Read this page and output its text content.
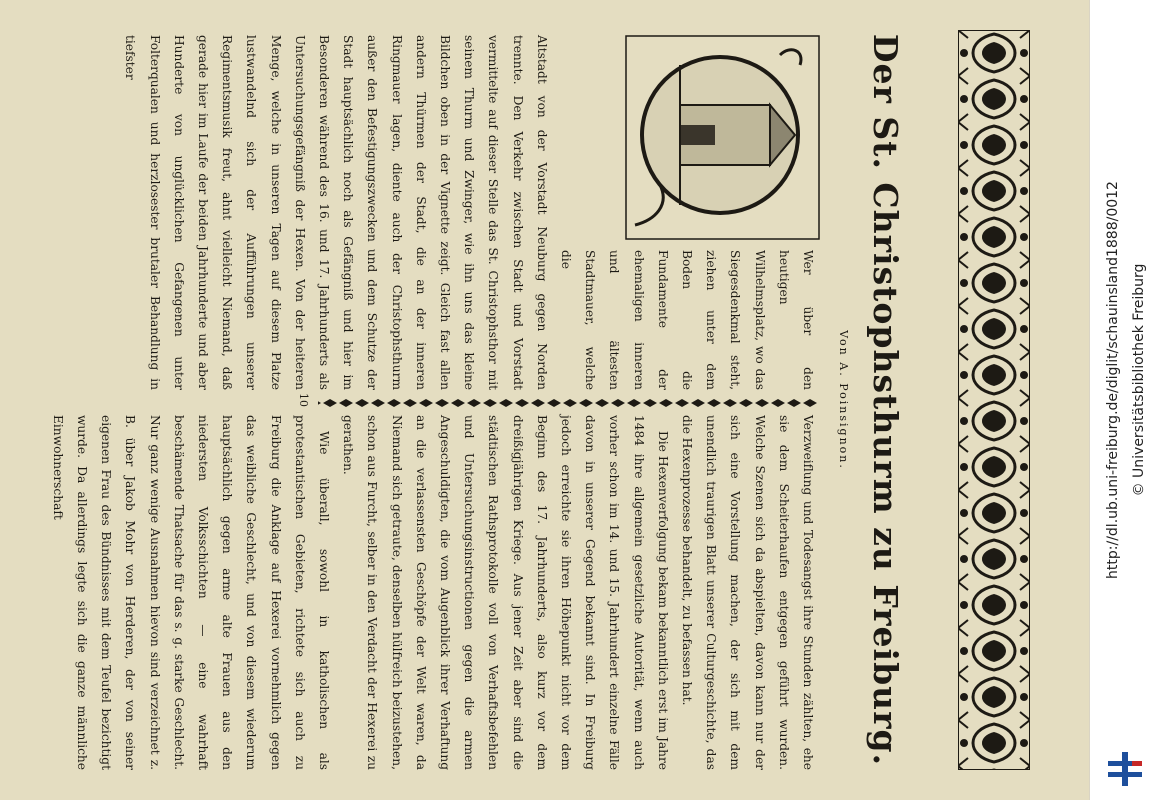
Der St. Christophsthurm zu Freiburg.
Von A. Poinsignon.

Wer über den heutigen Wilhelmsplatz, wo das Siegesdenkmal steht, ziehen unter dem Boden die Fundamente der ehemaligen inneren und ältesten Stadtmauer, welche die

Altstadt von der Vorstadt Neuburg gegen Norden trennte. Den Verkehr zwischen Stadt und Vorstadt vermittelte auf dieser Stelle das St. Christophsthor mit seinem Thurm und Zwinger, wie ihn uns das kleine Bildchen oben in der Vignette zeigt. Gleich fast allen andern Thürmen der Stadt, die an der inneren Ringmauer lagen, diente auch der Christophsthurm außer den Befestigungszwecken und dem Schutze der Stadt hauptsächlich noch als Gefängniß und hier im Besonderen während des 16. und 17. Jahrhunderts als Untersuchungsgefängniß der Hexen. Von der heiteren Menge, welche in unseren Tagen auf diesem Platze lustwandelnd sich der Aufführungen unserer Regimentsmusik freut, ahnt vielleicht Niemand, daß gerade hier im Laufe der beiden Jahrhunderte und aber Hunderte von unglücklichen Gefangenen unter Folterqualen und herzlosester brutaler Behandlung in tiefster

Verzweiflung und Todesangst ihre Stunden zählten, ehe sie dem Scheiterhaufen entgegen geführt wurden. Welche Szenen sich da abspielten, davon kann nur der sich eine Vorstellung machen, der sich mit dem unendlich traurigen Blatt unserer Culturgeschichte, das die Hexenprozesse behandelt, zu befassen hat.

Die Hexenverfolgung bekam bekanntlich erst im Jahre 1484 ihre allgemein gesetzliche Autorität, wenn auch vorher schon im 14. und 15. Jahrhundert einzelne Fälle davon in unserer Gegend bekannt sind. In Freiburg jedoch erreichte sie ihren Höhepunkt nicht vor dem Beginn des 17. Jahrhunderts, also kurz vor dem dreißigjährigen Kriege. Aus jener Zeit aber sind die städtischen Rathsprotokolle voll von Verhaftsbefehlen und Untersuchungsinstructionen gegen die armen Angeschuldigten, die vom Augenblick ihrer Verhaftung an die verlassensten Geschöpfe der Welt waren, da Niemand sich getraute, denselben hülfreich beizustehen, schon aus Furcht, selber in den Verdacht der Hexerei zu gerathen.

Wie überall, sowohl in katholischen als protestantischen Gebieten, richtete sich auch zu Freiburg die Anklage auf Hexerei vornehmlich gegen das weibliche Geschlecht, und von diesem wiederum hauptsächlich gegen arme alte Frauen aus den niedersten Volksschichten — eine wahrhaft beschämende Thatsache für das s. g. starke Geschlecht. Nur ganz wenige Ausnahmen hievon sind verzeichnet z. B. über Jakob Mohr von Herderen, der von seiner eigenen Frau des Bündnisses mit dem Teufel bezichtigt wurde. Da allerdings legte sich die ganze männliche Einwohnerschaft

10	http://dl.ub.uni-freiburg.de/diglit/schauinsland1888/0012 © Universitätsbibliothek Freiburg
